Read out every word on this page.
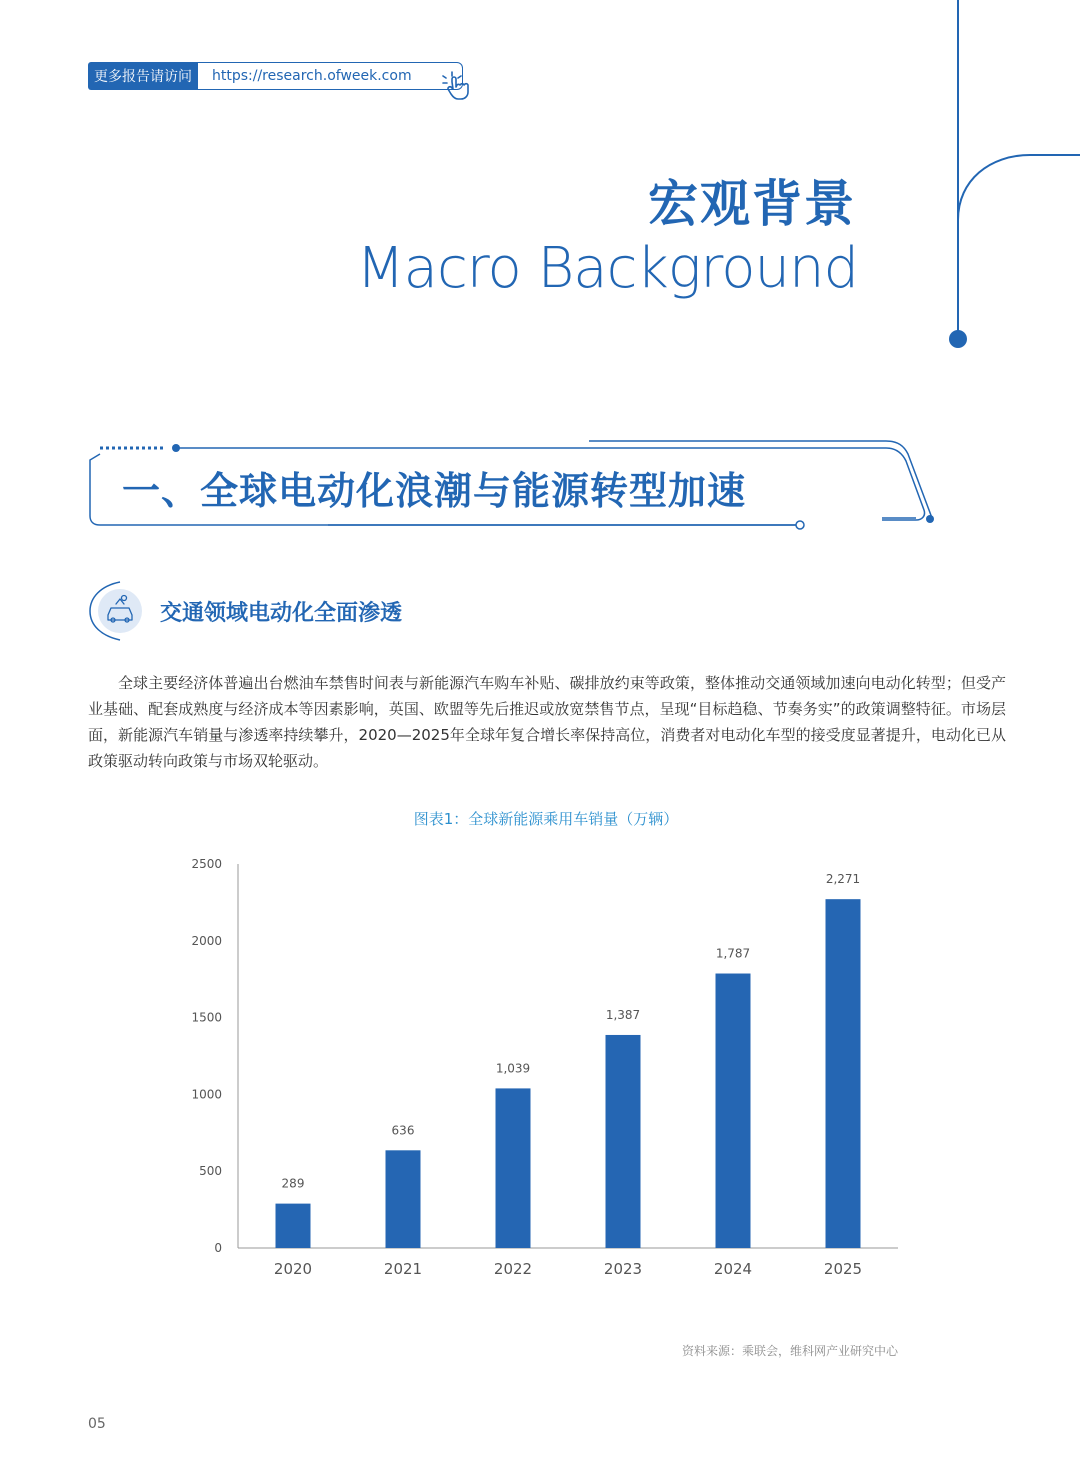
更多报告请访问	https://research.ofweek.com
宏观背景
Macro Background
一、全球电动化浪潮与能源转型加速
交通领域电动化全面渗透
全球主要经济体普遍出台燃油车禁售时间表与新能源汽车购车补贴、碳排放约束等政策，整体推动交通领域加速向电动化转型；但受产业基础、配套成熟度与经济成本等因素影响，英国、欧盟等先后推迟或放宽禁售节点，呈现“目标趋稳、节奏务实”的政策调整特征。市场层面，新能源汽车销量与渗透率持续攀升，2020—2025年全球年复合增长率保持高位，消费者对电动化车型的接受度显著提升，电动化已从政策驱动转向政策与市场双轮驱动。
图表1：全球新能源乘用车销量（万辆）
0
500
1000
1500
2000
2500
289
2020
636
2021
1,039
2022
1,387
2023
1,787
2024
2,271
2025
资料来源：乘联会，维科网产业研究中心
05
